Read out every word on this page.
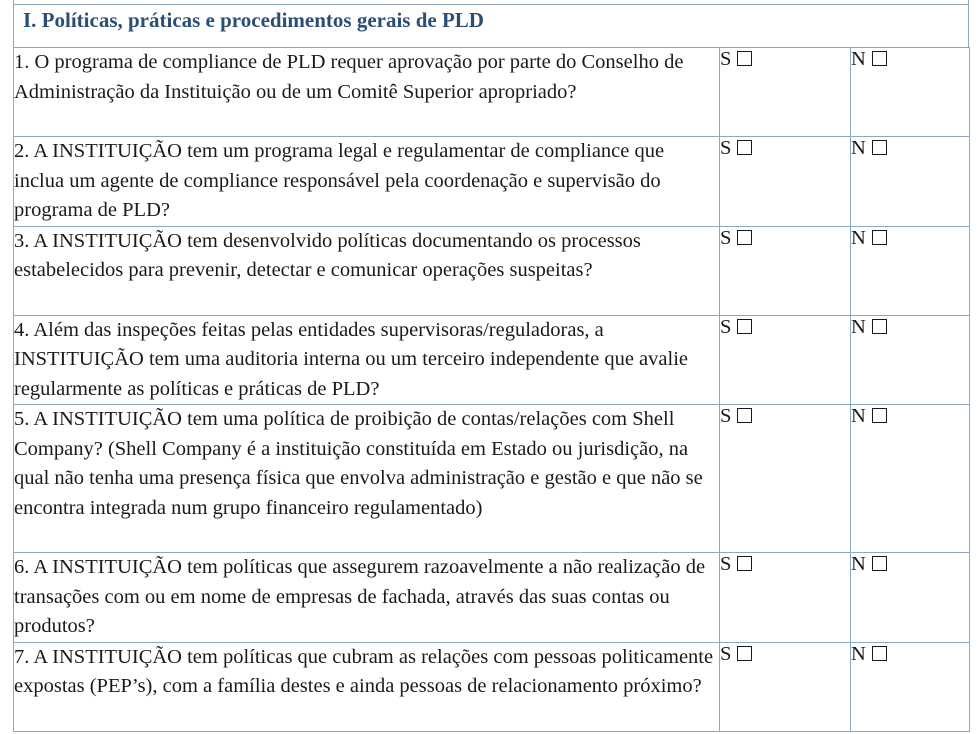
I. Políticas, práticas e procedimentos gerais de PLD
1. O programa de compliance de PLD requer aprovação por parte do Conselho de Administração da Instituição ou de um Comitê Superior apropriado?	S	N
2. A INSTITUIÇÃO tem um programa legal e regulamentar de compliance que inclua um agente de compliance responsável pela coordenação e supervisão do programa de PLD?	S	N
3. A INSTITUIÇÃO tem desenvolvido políticas documentando os processos estabelecidos para prevenir, detectar e comunicar operações suspeitas?	S	N
4. Além das inspeções feitas pelas entidades supervisoras/reguladoras, a INSTITUIÇÃO tem uma auditoria interna ou um terceiro independente que avalie regularmente as políticas e práticas de PLD?	S	N
5. A INSTITUIÇÃO tem uma política de proibição de contas/relações com Shell Company? (Shell Company é a instituição constituída em Estado ou jurisdição, na qual não tenha uma presença física que envolva administração e gestão e que não se encontra integrada num grupo financeiro regulamentado)	S	N
6. A INSTITUIÇÃO tem políticas que assegurem razoavelmente a não realização de transações com ou em nome de empresas de fachada, através das suas contas ou produtos?	S	N
7. A INSTITUIÇÃO tem políticas que cubram as relações com pessoas politicamente expostas (PEP’s), com a família destes e ainda pessoas de relacionamento próximo?	S	N
